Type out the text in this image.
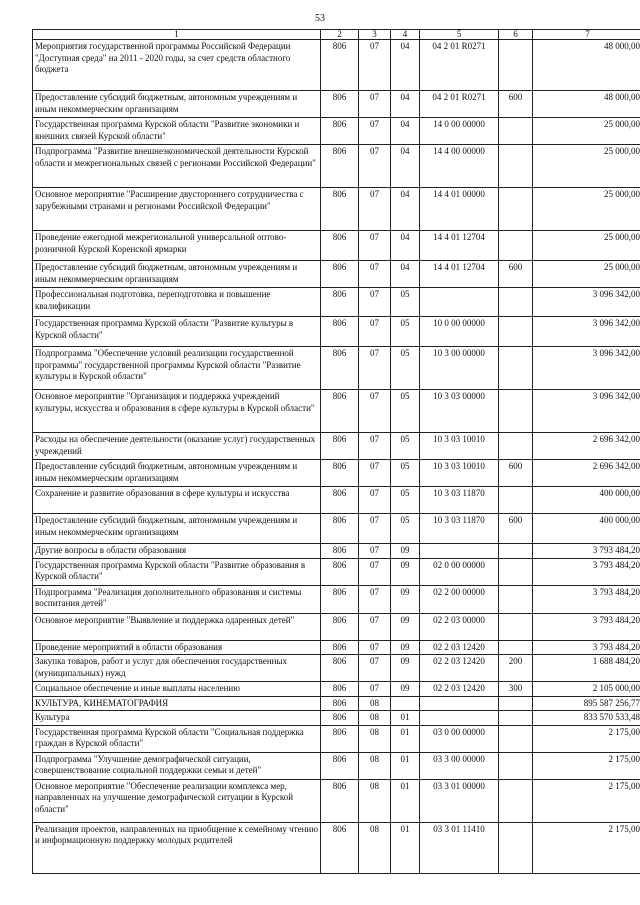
53
1	2	3	4	5	6	7
Мероприятия государственной программы Российской Федерации "Доступная среда" на 2011 - 2020 годы, за счет средств областного бюджета	806	07	04	04 2 01 R0271		48 000,00
Предоставление субсидий бюджетным, автономным учреждениям и иным некоммерческим организациям	806	07	04	04 2 01 R0271	600	48 000,00
Государственная программа Курской области "Развитие экономики и внешних связей Курской области"	806	07	04	14 0 00 00000		25 000,00
Подпрограмма "Развитие внешнеэкономической деятельности Курской области и межрегиональных связей с регионами Российской Федерации"	806	07	04	14 4 00 00000		25 000,00
Основное мероприятие "Расширение двустороннего сотрудничества с зарубежными странами и регионами Российской Федерации"	806	07	04	14 4 01 00000		25 000,00
Проведение ежегодной межрегиональной универсальной оптово-розничной Курской Коренской ярмарки	806	07	04	14 4 01 12704		25 000,00
Предоставление субсидий бюджетным, автономным учреждениям и иным некоммерческим организациям	806	07	04	14 4 01 12704	600	25 000,00
Профессиональная подготовка, переподготовка и повышение квалификации	806	07	05			3 096 342,00
Государственная программа Курской области "Развитие культуры в Курской области"	806	07	05	10 0 00 00000		3 096 342,00
Подпрограмма "Обеспечение условий реализации государственной программы" государственной программы Курской области "Развитие культуры в Курской области"	806	07	05	10 3 00 00000		3 096 342,00
Основное мероприятие "Организация и поддержка учреждений культуры, искусства и образования в сфере культуры в Курской области"	806	07	05	10 3 03 00000		3 096 342,00
Расходы на обеспечение деятельности (оказание услуг) государственных учреждений	806	07	05	10 3 03 10010		2 696 342,00
Предоставление субсидий бюджетным, автономным учреждениям и иным некоммерческим организациям	806	07	05	10 3 03 10010	600	2 696 342,00
Сохранение и развитие образования в сфере культуры и искусства	806	07	05	10 3 03 11870		400 000,00
Предоставление субсидий бюджетным, автономным учреждениям и иным некоммерческим организациям	806	07	05	10 3 03 11870	600	400 000,00
Другие вопросы в области образования	806	07	09			3 793 484,20
Государственная программа Курской области "Развитие образования в Курской области"	806	07	09	02 0 00 00000		3 793 484,20
Подпрограмма "Реализация дополнительного образования и системы воспитания детей"	806	07	09	02 2 00 00000		3 793 484,20
Основное мероприятие "Выявление и поддержка одаренных детей"	806	07	09	02 2 03 00000		3 793 484,20
Проведение мероприятий в области образования	806	07	09	02 2 03 12420		3 793 484,20
Закупка товаров, работ и услуг для обеспечения государственных (муниципальных) нужд	806	07	09	02 2 03 12420	200	1 688 484,20
Социальное обеспечение и иные выплаты населению	806	07	09	02 2 03 12420	300	2 105 000,00
КУЛЬТУРА, КИНЕМАТОГРАФИЯ	806	08				895 587 256,77
Культура	806	08	01			833 570 533,48
Государственная программа Курской области "Социальная поддержка граждан в Курской области"	806	08	01	03 0 00 00000		2 175,00
Подпрограмма "Улучшение демографической ситуации, совершенствование социальной поддержки семьи и детей"	806	08	01	03 3 00 00000		2 175,00
Основное мероприятие "Обеспечение реализации комплекса мер, направленных на улучшение демографической ситуации в Курской области"	806	08	01	03 3 01 00000		2 175,00
Реализация проектов, направленных на приобщение к семейному чтению и информационную поддержку молодых родителей	806	08	01	03 3 01 11410		2 175,00
